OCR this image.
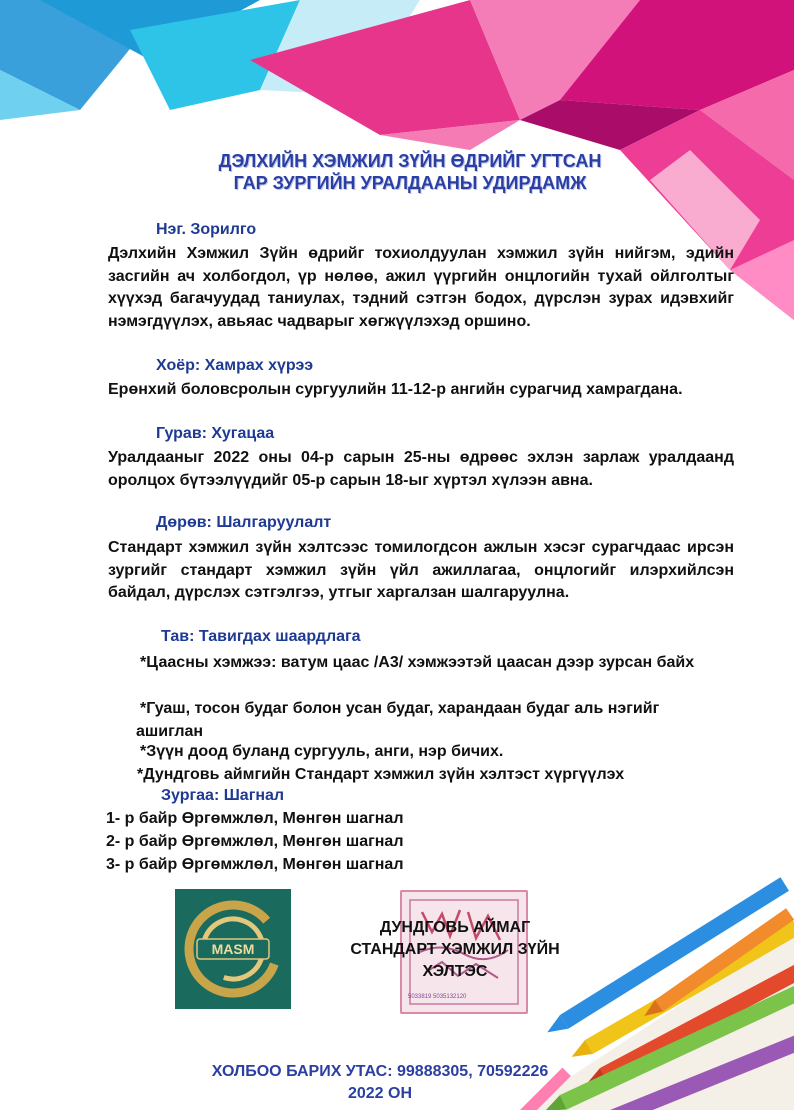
ДЭЛХИЙН ХЭМЖИЛ ЗҮЙН ӨДРИЙГ УГТСАН
ГАР ЗУРГИЙН УРАЛДААНЫ УДИРДАМЖ
Нэг. Зорилго
Дэлхийн Хэмжил Зүйн өдрийг тохиолдуулан хэмжил зүйн нийгэм, эдийн засгийн ач холбогдол, үр нөлөө, ажил үүргийн онцлогийн тухай ойлголтыг хүүхэд багачуудад таниулах, тэдний сэтгэн бодох, дүрслэн зурах идэвхийг нэмэгдүүлэх, авьяас чадварыг хөгжүүлэхэд оршино.
Хоёр: Хамрах хүрээ
Ерөнхий боловсролын сургуулийн 11-12-р ангийн сурагчид хамрагдана.
Гурав: Хугацаа
Уралдааныг 2022 оны 04-р сарын 25-ны өдрөөс эхлэн зарлаж уралдаанд оролцох бүтээлүүдийг 05-р сарын 18-ыг хүртэл хүлээн авна.
Дөрөв: Шалгаруулалт
Стандарт хэмжил зүйн хэлтсээс томилогдсон ажлын хэсэг сурагчдаас ирсэн зургийг стандарт хэмжил зүйн үйл ажиллагаа, онцлогийг илэрхийлсэн байдал, дүрслэх сэтгэлгээ, утгыг харгалзан шалгаруулна.
Тав: Тавигдах шаардлага
*Цаасны хэмжээ: ватум цаас /А3/ хэмжээтэй цаасан дээр зурсан байх
*Гуаш, тосон будаг болон усан будаг, харандаан будаг аль нэгийг ашиглан
*Зүүн доод буланд сургууль, анги, нэр бичих.
*Дундговь аймгийн Стандарт хэмжил зүйн хэлтэст хүргүүлэх
Зургаа: Шагнал
1- р байр Өргөмжлөл, Мөнгөн шагнал
2- р байр Өргөмжлөл, Мөнгөн шагнал
3- р байр Өргөмжлөл, Мөнгөн шагнал
MASM
5033819 5035132120
ДУНДГОВЬ АЙМАГ
СТАНДАРТ ХЭМЖИЛ ЗҮЙН
ХЭЛТЭС
ХОЛБОО БАРИХ УТАС: 99888305, 70592226
2022 ОН
